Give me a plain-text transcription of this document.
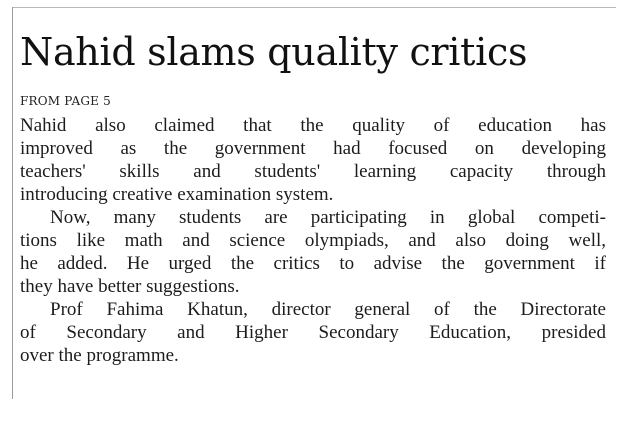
Nahid slams quality critics
FROM PAGE 5

Nahid also claimed that the quality of education has
improved as the government had focused on developing
teachers' skills and students' learning capacity through
introducing creative examination system.

Now, many students are participating in global competi-
tions like math and science olympiads, and also doing well,
he added. He urged the critics to advise the government if
they have better suggestions.

Prof Fahima Khatun, director general of the Directorate
of Secondary and Higher Secondary Education, presided
over the programme.
